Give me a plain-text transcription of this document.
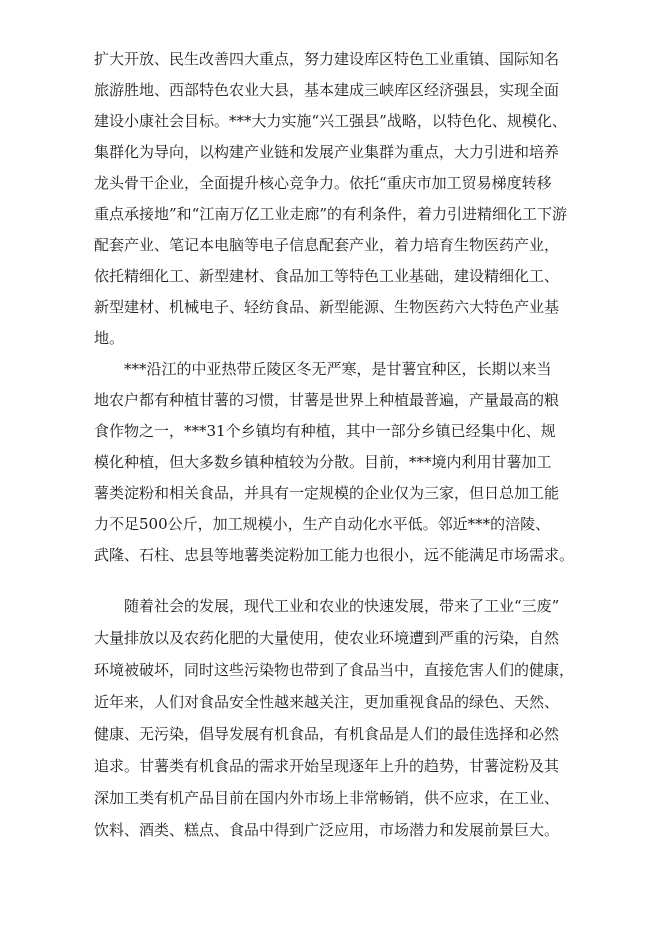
扩大开放、民生改善四大重点，努力建设库区特色工业重镇、国际知名
旅游胜地、西部特色农业大县，基本建成三峡库区经济强县，实现全面
建设小康社会目标。***大力实施“兴工强县”战略，以特色化、规模化、
集群化为导向，以构建产业链和发展产业集群为重点，大力引进和培养
龙头骨干企业，全面提升核心竞争力。依托“重庆市加工贸易梯度转移
重点承接地”和“江南万亿工业走廊”的有利条件，着力引进精细化工下游
配套产业、笔记本电脑等电子信息配套产业，着力培育生物医药产业，
依托精细化工、新型建材、食品加工等特色工业基础，建设精细化工、
新型建材、机械电子、轻纺食品、新型能源、生物医药六大特色产业基
地。
***沿江的中亚热带丘陵区冬无严寒，是甘薯宜种区，长期以来当
地农户都有种植甘薯的习惯，甘薯是世界上种植最普遍，产量最高的粮
食作物之一，***31个乡镇均有种植，其中一部分乡镇已经集中化、规
模化种植，但大多数乡镇种植较为分散。目前，***境内利用甘薯加工
薯类淀粉和相关食品，并具有一定规模的企业仅为三家，但日总加工能
力不足500公斤，加工规模小，生产自动化水平低。邻近***的涪陵、
武隆、石柱、忠县等地薯类淀粉加工能力也很小，远不能满足市场需求。
随着社会的发展，现代工业和农业的快速发展，带来了工业“三废”
大量排放以及农药化肥的大量使用，使农业环境遭到严重的污染，自然
环境被破坏，同时这些污染物也带到了食品当中，直接危害人们的健康，
近年来，人们对食品安全性越来越关注，更加重视食品的绿色、天然、
健康、无污染，倡导发展有机食品，有机食品是人们的最佳选择和必然
追求。甘薯类有机食品的需求开始呈现逐年上升的趋势，甘薯淀粉及其
深加工类有机产品目前在国内外市场上非常畅销，供不应求，在工业、
饮料、酒类、糕点、食品中得到广泛应用，市场潜力和发展前景巨大。
